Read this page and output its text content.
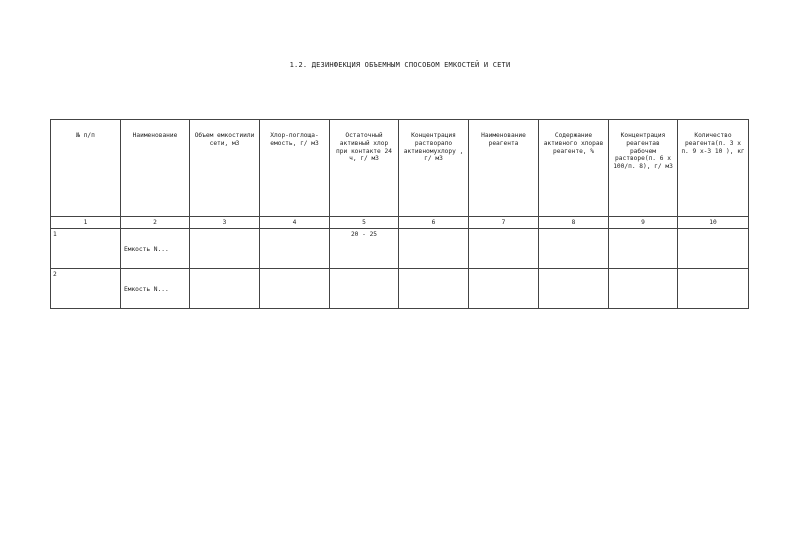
1.2. ДЕЗИНФЕКЦИЯ ОБЪЕМНЫМ СПОСОБОМ ЕМКОСТЕЙ И СЕТИ
№ п/п	Наименование	Объем емкостиили сети, м3	Хлор-поглоща-емость, г/ м3	Остаточный активный хлор при контакте 24 ч, г/ м3	Концентрация растворапо активномухлору , г/ м3	Наименование реагента	Содержание активного хлорав реагенте, %	Концентрация реагентав рабочем растворе(п. 6 х 100/п. 8), г/ м3	Количество реагента(п. 3 х п. 9 х-3 10 ), кг
1	2	3	4	5	6	7	8	9	10

1	Емкость N...			20 - 25					

2	Емкость N...								
